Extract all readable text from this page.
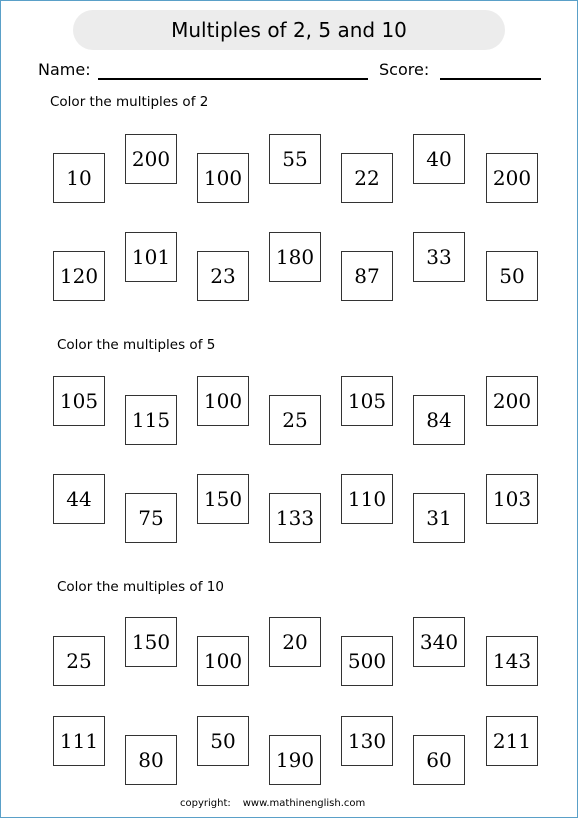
Multiples of 2, 5 and 10
Name:	Score:
Color the multiples of 2
Color the multiples of 5
Color the multiples of 10
10
200
100
55
22
40
200
120
101
23
180
87
33
50
105
115
100
25
105
84
200
44
75
150
133
110
31
103
25
150
100
20
500
340
143
111
80
50
190
130
60
211
copyright: www.mathinenglish.com
